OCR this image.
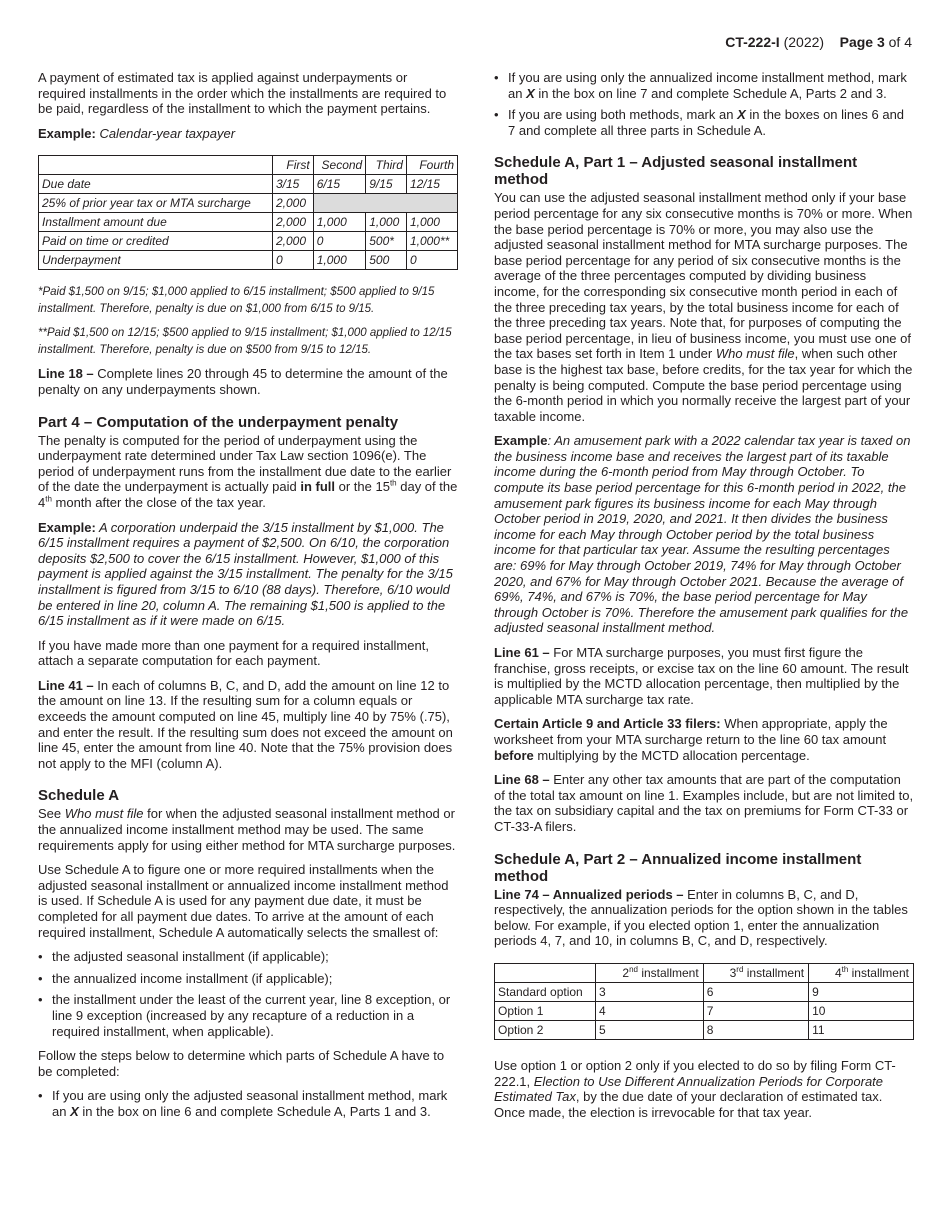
CT-222-I (2022) Page 3 of 4

A payment of estimated tax is applied against underpayments or required installments in the order which the installments are required to be paid, regardless of the installment to which the payment pertains.

Example: Calendar-year taxpayer

	First	Second	Third	Fourth
Due date	3/15	6/15	9/15	12/15
25% of prior year tax or MTA surcharge	2,000			
Installment amount due	2,000	1,000	1,000	1,000
Paid on time or credited	2,000	0	500*	1,000**
Underpayment	0	1,000	500	0

*Paid $1,500 on 9/15; $1,000 applied to 6/15 installment; $500 applied to 9/15 installment. Therefore, penalty is due on $1,000 from 6/15 to 9/15.

**Paid $1,500 on 12/15; $500 applied to 9/15 installment; $1,000 applied to 12/15 installment. Therefore, penalty is due on $500 from 9/15 to 12/15.

Line 18 – Complete lines 20 through 45 to determine the amount of the penalty on any underpayments shown.

Part 4 – Computation of the underpayment penalty

The penalty is computed for the period of underpayment using the underpayment rate determined under Tax Law section 1096(e). The period of underpayment runs from the installment due date to the earlier of the date the underpayment is actually paid in full or the 15th day of the 4th month after the close of the tax year.

Example: A corporation underpaid the 3/15 installment by $1,000. The 6/15 installment requires a payment of $2,500. On 6/10, the corporation deposits $2,500 to cover the 6/15 installment. However, $1,000 of this payment is applied against the 3/15 installment. The penalty for the 3/15 installment is figured from 3/15 to 6/10 (88 days). Therefore, 6/10 would be entered in line 20, column A. The remaining $1,500 is applied to the 6/15 installment as if it were made on 6/15.

If you have made more than one payment for a required installment, attach a separate computation for each payment.

Line 41 – In each of columns B, C, and D, add the amount on line 12 to the amount on line 13. If the resulting sum for a column equals or exceeds the amount computed on line 45, multiply line 40 by 75% (.75), and enter the result. If the resulting sum does not exceed the amount on line 45, enter the amount from line 40. Note that the 75% provision does not apply to the MFI (column A).

Schedule A

See Who must file for when the adjusted seasonal installment method or the annualized income installment method may be used. The same requirements apply for using either method for MTA surcharge purposes.

Use Schedule A to figure one or more required installments when the adjusted seasonal installment or annualized income installment method is used. If Schedule A is used for any payment due date, it must be completed for all payment due dates. To arrive at the amount of each required installment, Schedule A automatically selects the smallest of:

• the adjusted seasonal installment (if applicable);
• the annualized income installment (if applicable);
• the installment under the least of the current year, line 8 exception, or line 9 exception (increased by any recapture of a reduction in a required installment, when applicable).

Follow the steps below to determine which parts of Schedule A have to be completed:

• If you are using only the adjusted seasonal installment method, mark an X in the box on line 6 and complete Schedule A, Parts 1 and 3.
• If you are using only the annualized income installment method, mark an X in the box on line 7 and complete Schedule A, Parts 2 and 3.
• If you are using both methods, mark an X in the boxes on lines 6 and 7 and complete all three parts in Schedule A.
Schedule A, Part 1 – Adjusted seasonal installment method

You can use the adjusted seasonal installment method only if your base period percentage for any six consecutive months is 70% or more. When the base period percentage is 70% or more, you may also use the adjusted seasonal installment method for MTA surcharge purposes. The base period percentage for any period of six consecutive months is the average of the three percentages computed by dividing business income, for the corresponding six consecutive month period in each of the three preceding tax years, by the total business income for each of the three preceding tax years. Note that, for purposes of computing the base period percentage, in lieu of business income, you must use one of the tax bases set forth in Item 1 under Who must file, when such other base is the highest tax base, before credits, for the tax year for which the penalty is being computed. Compute the base period percentage using the 6-month period in which you normally receive the largest part of your taxable income.

Example: An amusement park with a 2022 calendar tax year is taxed on the business income base and receives the largest part of its taxable income during the 6-month period from May through October. To compute its base period percentage for this 6-month period in 2022, the amusement park figures its business income for each May through October period in 2019, 2020, and 2021. It then divides the business income for each May through October period by the total business income for that particular tax year. Assume the resulting percentages are: 69% for May through October 2019, 74% for May through October 2020, and 67% for May through October 2021. Because the average of 69%, 74%, and 67% is 70%, the base period percentage for May through October is 70%. Therefore the amusement park qualifies for the adjusted seasonal installment method.

Line 61 – For MTA surcharge purposes, you must first figure the franchise, gross receipts, or excise tax on the line 60 amount. The result is multiplied by the MCTD allocation percentage, then multiplied by the applicable MTA surcharge tax rate.

Certain Article 9 and Article 33 filers: When appropriate, apply the worksheet from your MTA surcharge return to the line 60 tax amount before multiplying by the MCTD allocation percentage.

Line 68 – Enter any other tax amounts that are part of the computation of the total tax amount on line 1. Examples include, but are not limited to, the tax on subsidiary capital and the tax on premiums for Form CT-33 or CT-33-A filers.

Schedule A, Part 2 – Annualized income installment method

Line 74 – Annualized periods – Enter in columns B, C, and D, respectively, the annualization periods for the option shown in the tables below. For example, if you elected option 1, enter the annualization periods 4, 7, and 10, in columns B, C, and D, respectively.

	2nd installment	3rd installment	4th installment
Standard option	3	6	9
Option 1	4	7	10
Option 2	5	8	11

Use option 1 or option 2 only if you elected to do so by filing Form CT-222.1, Election to Use Different Annualization Periods for Corporate Estimated Tax, by the due date of your declaration of estimated tax. Once made, the election is irrevocable for that tax year.
